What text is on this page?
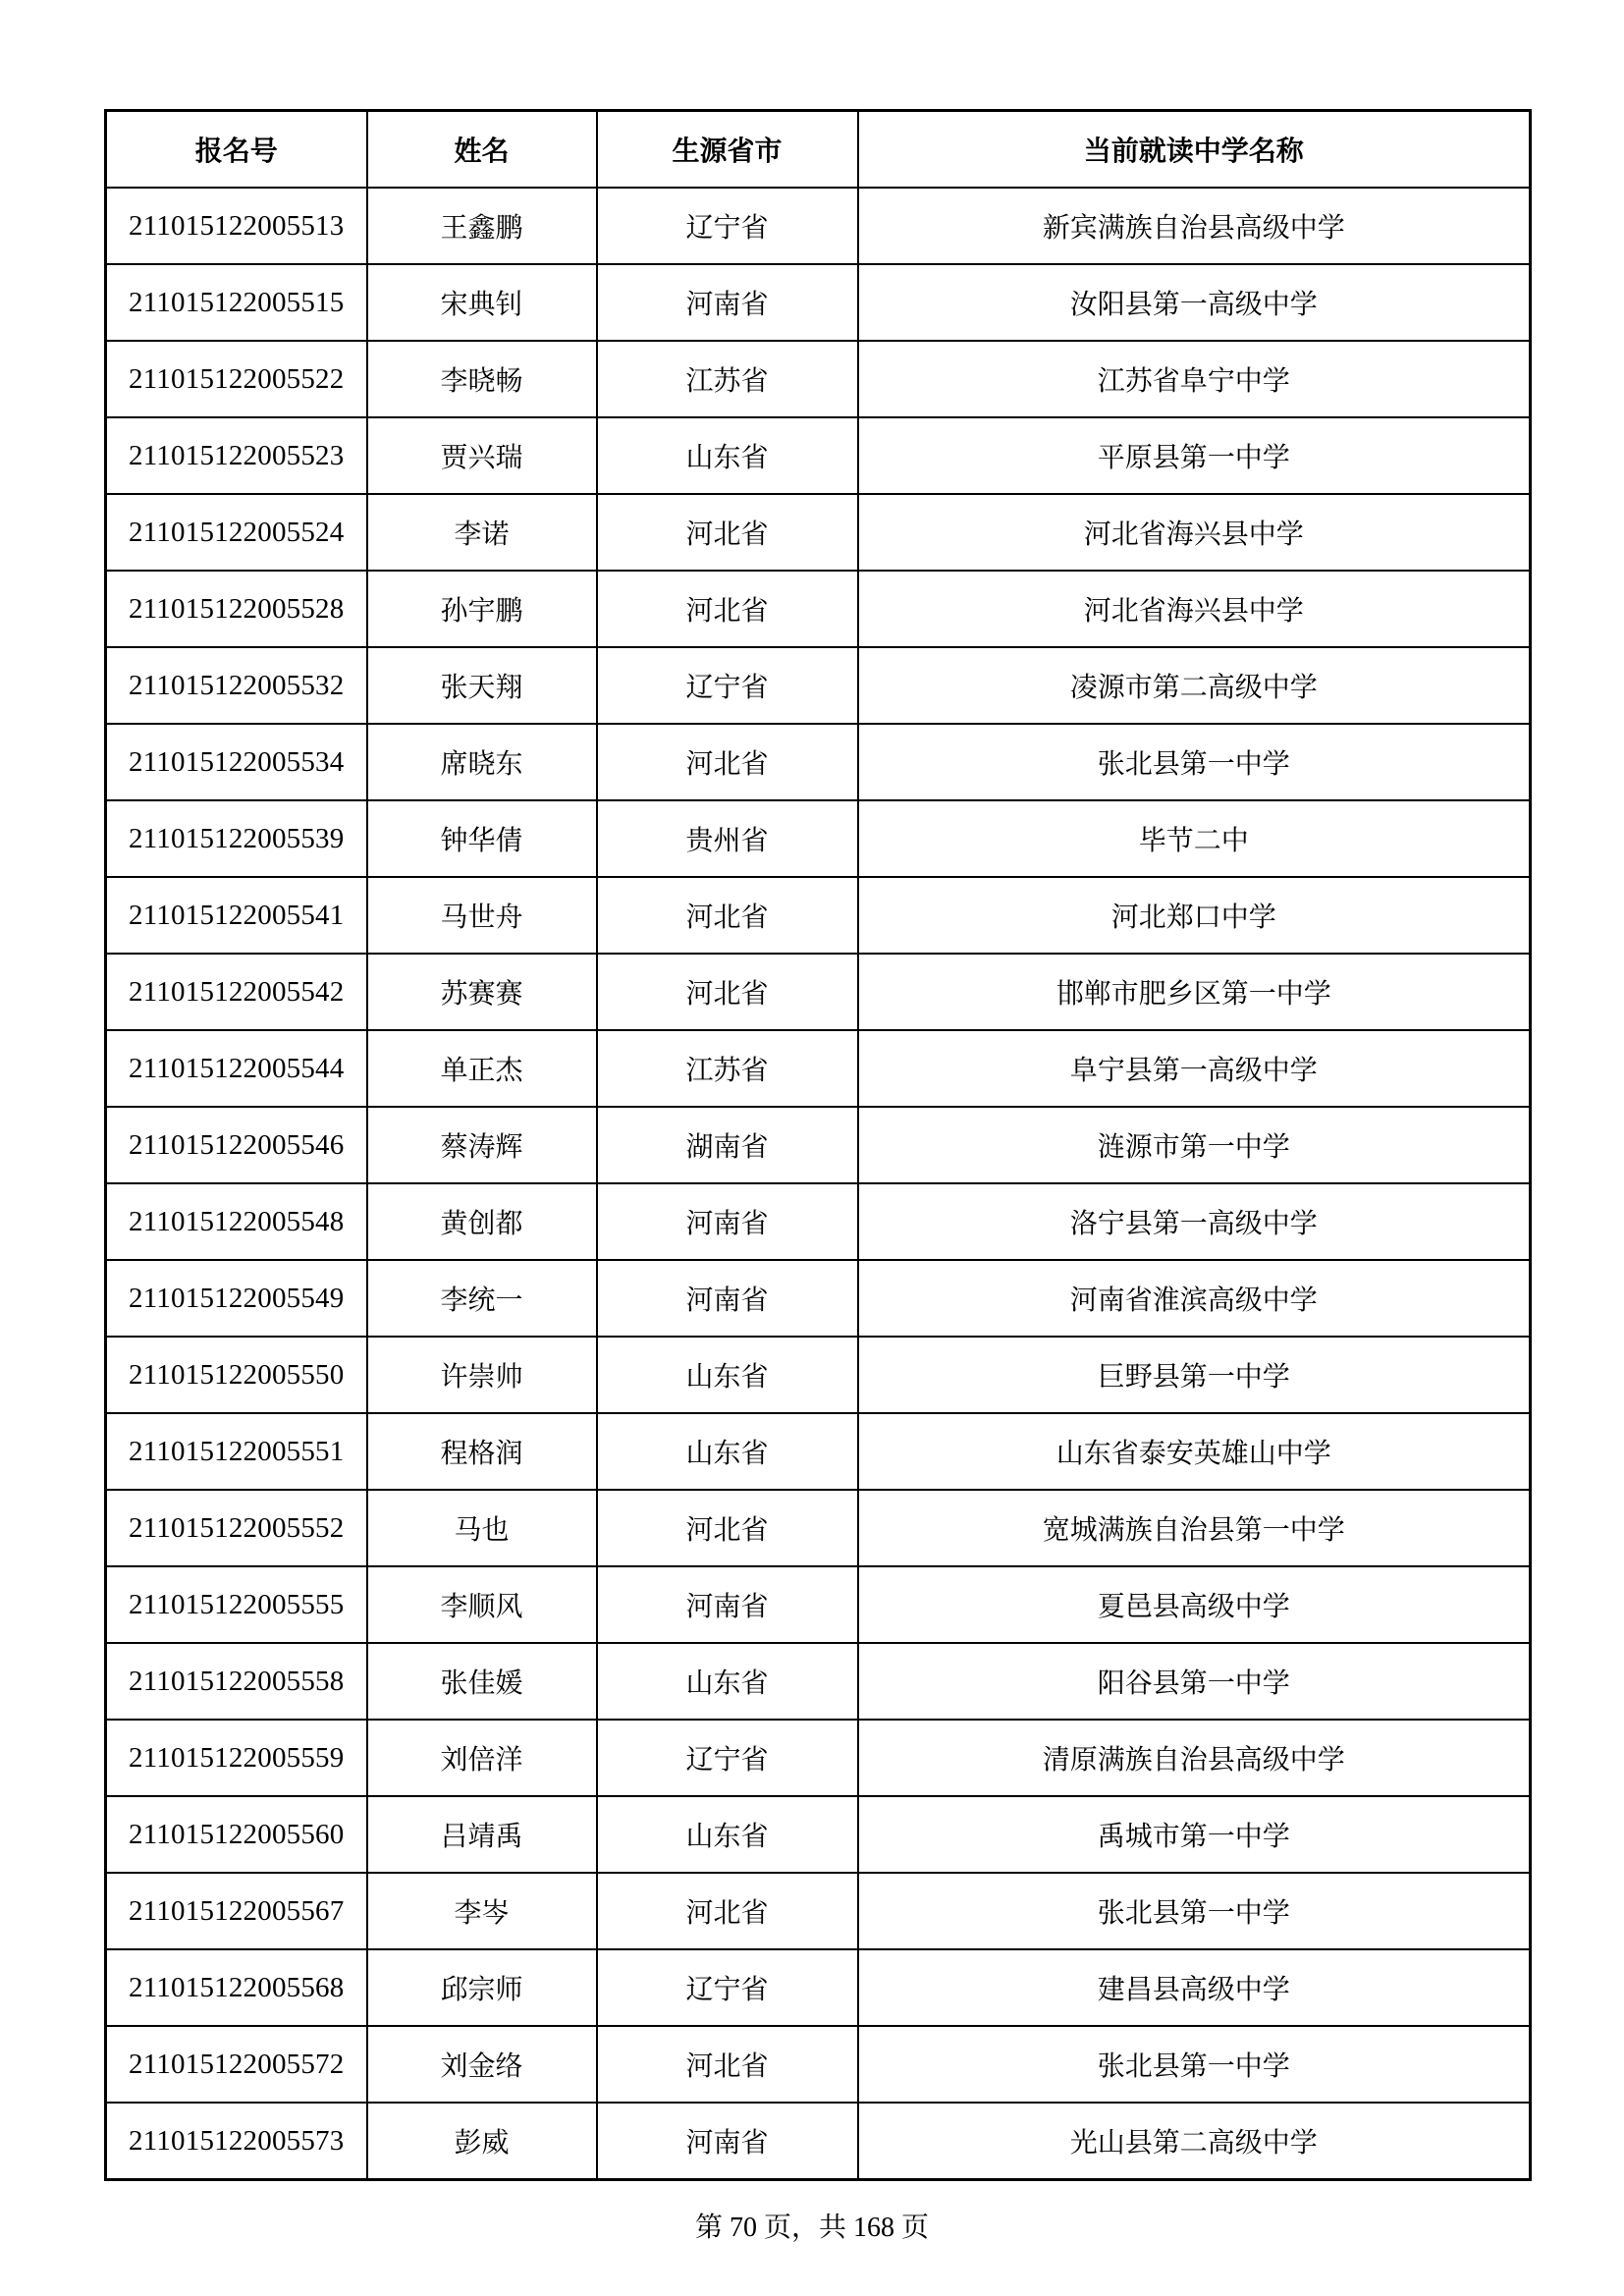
报名号	姓名	生源省市	当前就读中学名称
211015122005513	王鑫鹏	辽宁省	新宾满族自治县高级中学
211015122005515	宋典钊	河南省	汝阳县第一高级中学
211015122005522	李晓畅	江苏省	江苏省阜宁中学
211015122005523	贾兴瑞	山东省	平原县第一中学
211015122005524	李诺	河北省	河北省海兴县中学
211015122005528	孙宇鹏	河北省	河北省海兴县中学
211015122005532	张天翔	辽宁省	凌源市第二高级中学
211015122005534	席晓东	河北省	张北县第一中学
211015122005539	钟华倩	贵州省	毕节二中
211015122005541	马世舟	河北省	河北郑口中学
211015122005542	苏赛赛	河北省	邯郸市肥乡区第一中学
211015122005544	单正杰	江苏省	阜宁县第一高级中学
211015122005546	蔡涛辉	湖南省	涟源市第一中学
211015122005548	黄创都	河南省	洛宁县第一高级中学
211015122005549	李统一	河南省	河南省淮滨高级中学
211015122005550	许崇帅	山东省	巨野县第一中学
211015122005551	程格润	山东省	山东省泰安英雄山中学
211015122005552	马也	河北省	宽城满族自治县第一中学
211015122005555	李顺风	河南省	夏邑县高级中学
211015122005558	张佳媛	山东省	阳谷县第一中学
211015122005559	刘倍洋	辽宁省	清原满族自治县高级中学
211015122005560	吕靖禹	山东省	禹城市第一中学
211015122005567	李岑	河北省	张北县第一中学
211015122005568	邱宗师	辽宁省	建昌县高级中学
211015122005572	刘金络	河北省	张北县第一中学
211015122005573	彭威	河南省	光山县第二高级中学
第 70 页，共 168 页
